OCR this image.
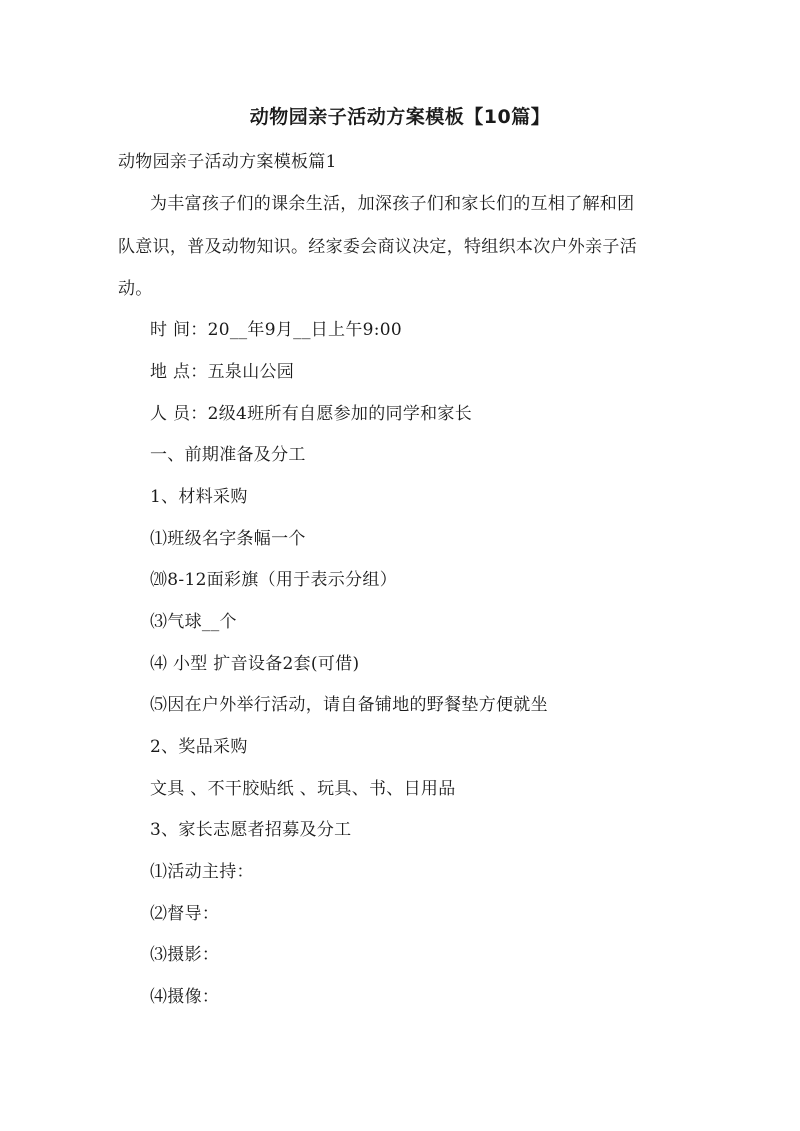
动物园亲子活动方案模板【10篇】
动物园亲子活动方案模板篇1
为丰富孩子们的课余生活，加深孩子们和家长们的互相了解和团
队意识，普及动物知识。经家委会商议决定，特组织本次户外亲子活
动。
时 间：20__年9月__日上午9:00
地 点：五泉山公园
人 员：2级4班所有自愿参加的同学和家长
一、前期准备及分工
1、材料采购
⑴班级名字条幅一个
⒇8-12面彩旗（用于表示分组）
⑶气球__个
⑷ 小型 扩音设备2套(可借)
⑸因在户外举行活动，请自备铺地的野餐垫方便就坐
2、奖品采购
文具 、不干胶贴纸 、玩具、书、日用品
3、家长志愿者招募及分工
⑴活动主持：
⑵督导：
⑶摄影：
⑷摄像：
